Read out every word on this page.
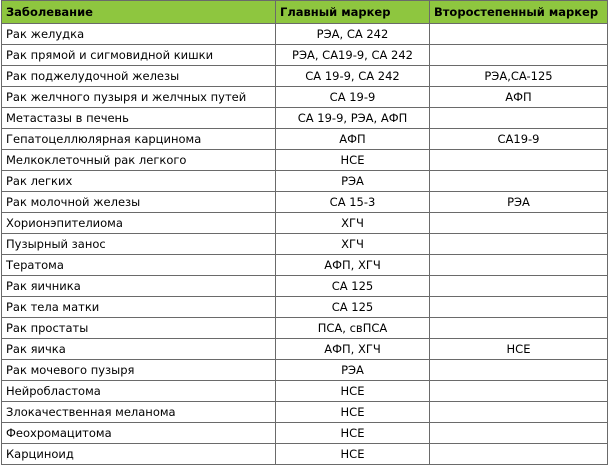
Заболевание	Главный маркер	Второстепенный маркер
Рак желудка	РЭА, CA 242	
Рак прямой и сигмовидной кишки	РЭА, CA19-9, CA 242	
Рак поджелудочной железы	CA 19-9, CA 242	РЭА,CA-125
Рак желчного пузыря и желчных путей	CA 19-9	АФП
Метастазы в печень	CA 19-9, РЭА, АФП	
Гепатоцеллюлярная карцинома	АФП	CA19-9
Мелкоклеточный рак легкого	НСЕ	
Рак легких	РЭА	
Рак молочной железы	CA 15-3	РЭА
Хорионэпителиома	ХГЧ	
Пузырный занос	ХГЧ	
Тератома	АФП, ХГЧ	
Рак яичника	CA 125	
Рак тела матки	CA 125	
Рак простаты	ПСА, свПСА	
Рак яичка	АФП, ХГЧ	НСЕ
Рак мочевого пузыря	РЭА	
Нейробластома	НСЕ	
Злокачественная меланома	НСЕ	
Феохромацитома	НСЕ	
Карциноид	НСЕ	
